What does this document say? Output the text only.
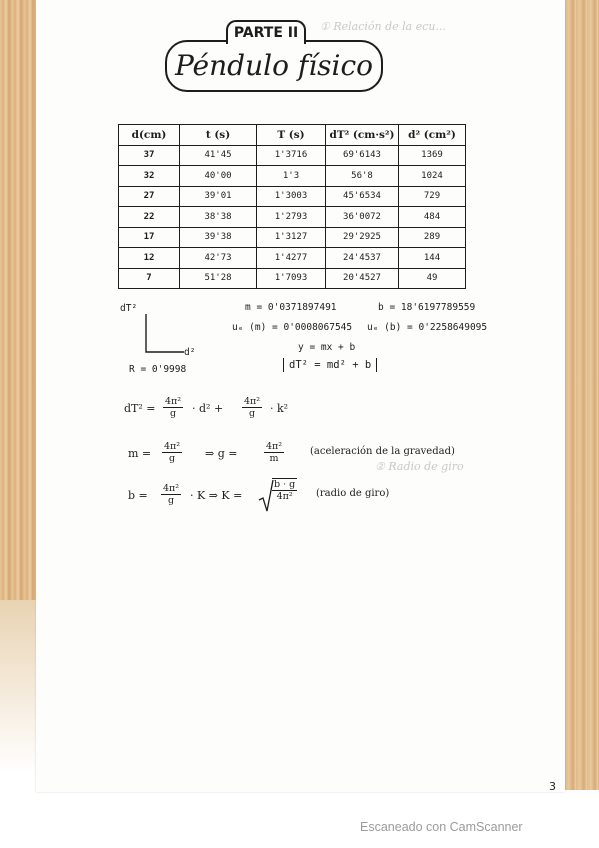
① Relación de la ecu...
② Radio de giro
PARTE II
Péndulo físico
d(cm)	t (s)	T (s)	dT² (cm·s²)	d² (cm²)
37	41'45	1'3716	69'6143	1369
32	40'00	1'3	56'8	1024
27	39'01	1'3003	45'6534	729
22	38'38	1'2793	36'0072	484
17	39'38	1'3127	29'2925	289
12	42'73	1'4277	24'4537	144
7	51'28	1'7093	20'4527	49
dT²
d²
R = 0'9998
m = 0'0371897491	b = 18'6197789559
uₑ (m) = 0'0008067545 uₑ (b) = 0'2258649095
y = mx + b
dT² = md² + b
$dT^2 = \frac{\text{4π²}}{g} \cdot d^2 + \frac{\text{4π²}}{g} \cdot k^2$
$m = \frac{\text{4π²}}{g}$ ⇒ g =	$\frac{\text{4π²}}{m}$	(aceleración de la gravedad)
$b = \frac{\text{4π²}}{g} \cdot K$ ⇒ K =	$\frac{b \cdot g}{\text{4π²}}$ (radio de giro)
3
Escaneado con CamScanner
